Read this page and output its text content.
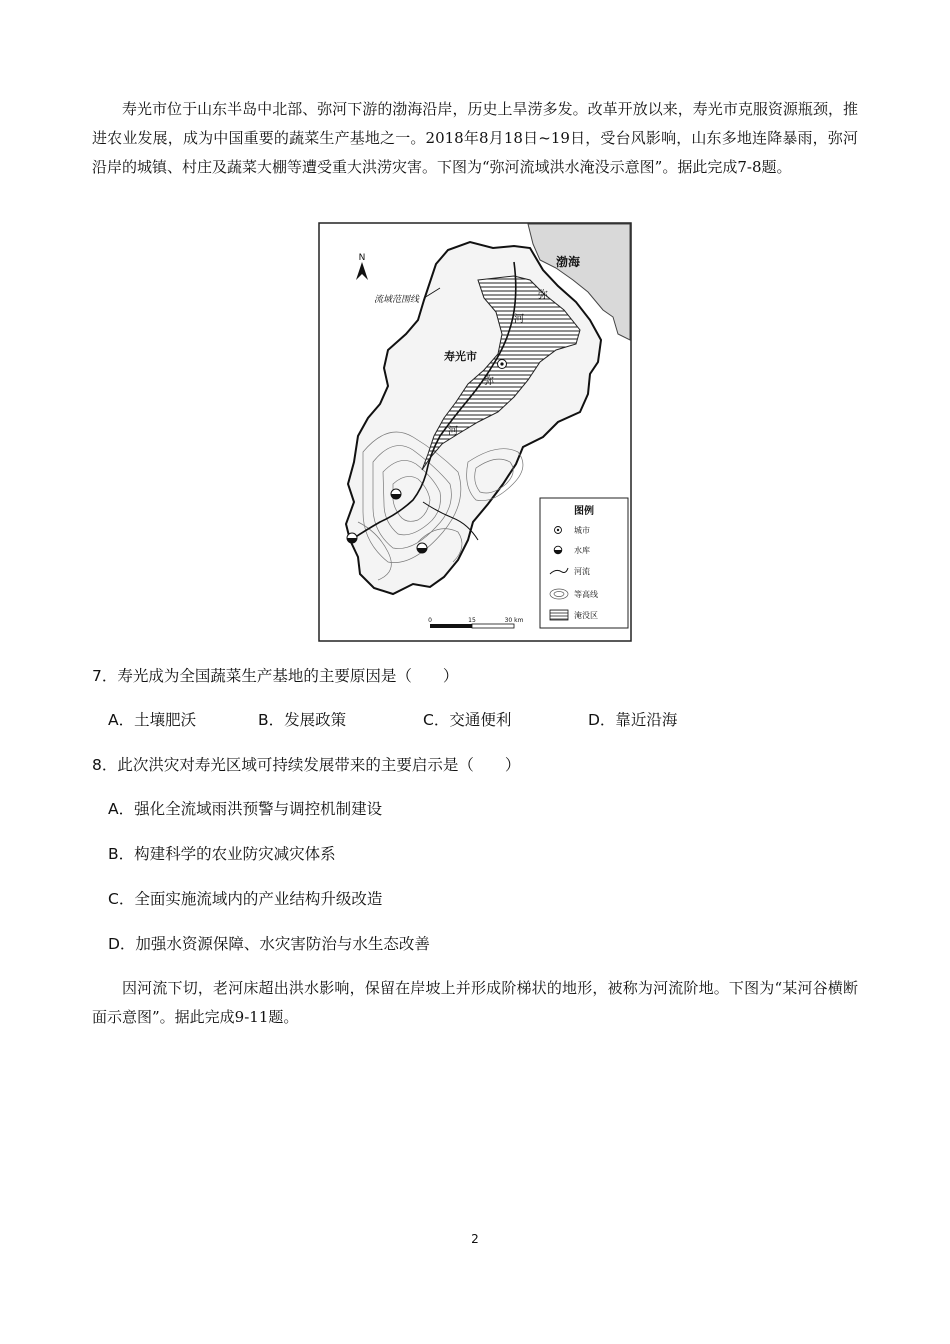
寿光市位于山东半岛中北部、弥河下游的渤海沿岸，历史上旱涝多发。改革开放以来，寿光市克服资源瓶颈，推进农业发展，成为中国重要的蔬菜生产基地之一。2018年8月18日~19日，受台风影响，山东多地连降暴雨，弥河沿岸的城镇、村庄及蔬菜大棚等遭受重大洪涝灾害。下图为“弥河流域洪水淹没示意图”。据此完成7-8题。

N	渤海
流域范围线
寿光市
弥
河
弥
河
图例
城市
水库
河流
等高线
淹没区
0	15	30 km
7．寿光成为全国蔬菜生产基地的主要原因是（　　）
A．土壤肥沃	B．发展政策	C．交通便利	D．靠近沿海
8．此次洪灾对寿光区域可持续发展带来的主要启示是（　　）
A．强化全流域雨洪预警与调控机制建设
B．构建科学的农业防灾减灾体系
C．全面实施流域内的产业结构升级改造
D．加强水资源保障、水灾害防治与水生态改善

因河流下切，老河床超出洪水影响，保留在岸坡上并形成阶梯状的地形，被称为河流阶地。下图为“某河谷横断面示意图”。据此完成9-11题。

2
